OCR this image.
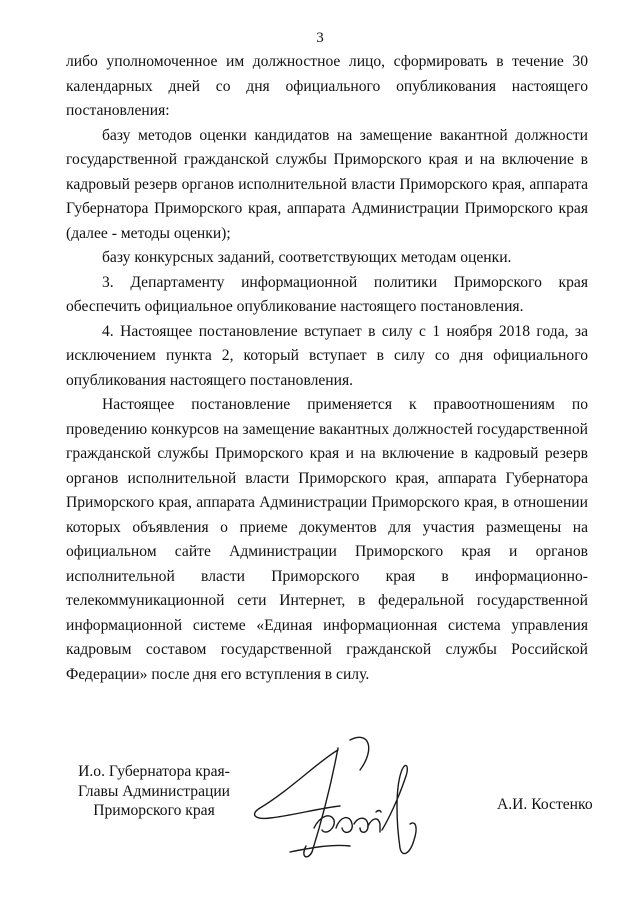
3

либо уполномоченное им должностное лицо, сформировать в течение 30 календарных дней со дня официального опубликования настоящего постановления:

базу методов оценки кандидатов на замещение вакантной должности государственной гражданской службы Приморского края и на включение в кадровый резерв органов исполнительной власти Приморского края, аппарата Губернатора Приморского края, аппарата Администрации Приморского края (далее - методы оценки);

базу конкурсных заданий, соответствующих методам оценки.

3. Департаменту информационной политики Приморского края обеспечить официальное опубликование настоящего постановления.

4. Настоящее постановление вступает в силу с 1 ноября 2018 года, за исключением пункта 2, который вступает в силу со дня официального опубликования настоящего постановления.

Настоящее постановление применяется к правоотношениям по проведению конкурсов на замещение вакантных должностей государственной гражданской службы Приморского края и на включение в кадровый резерв органов исполнительной власти Приморского края, аппарата Губернатора Приморского края, аппарата Администрации Приморского края, в отношении которых объявления о приеме документов для участия размещены на официальном сайте Администрации Приморского края и органов исполнительной власти Приморского края в информационно-телекоммуникационной сети Интернет, в федеральной государственной информационной системе «Единая информационная система управления кадровым составом государственной гражданской службы Российской Федерации» после дня его вступления в силу.

И.о. Губернатора края-
Главы Администрации
Приморского края	А.И. Костенко
